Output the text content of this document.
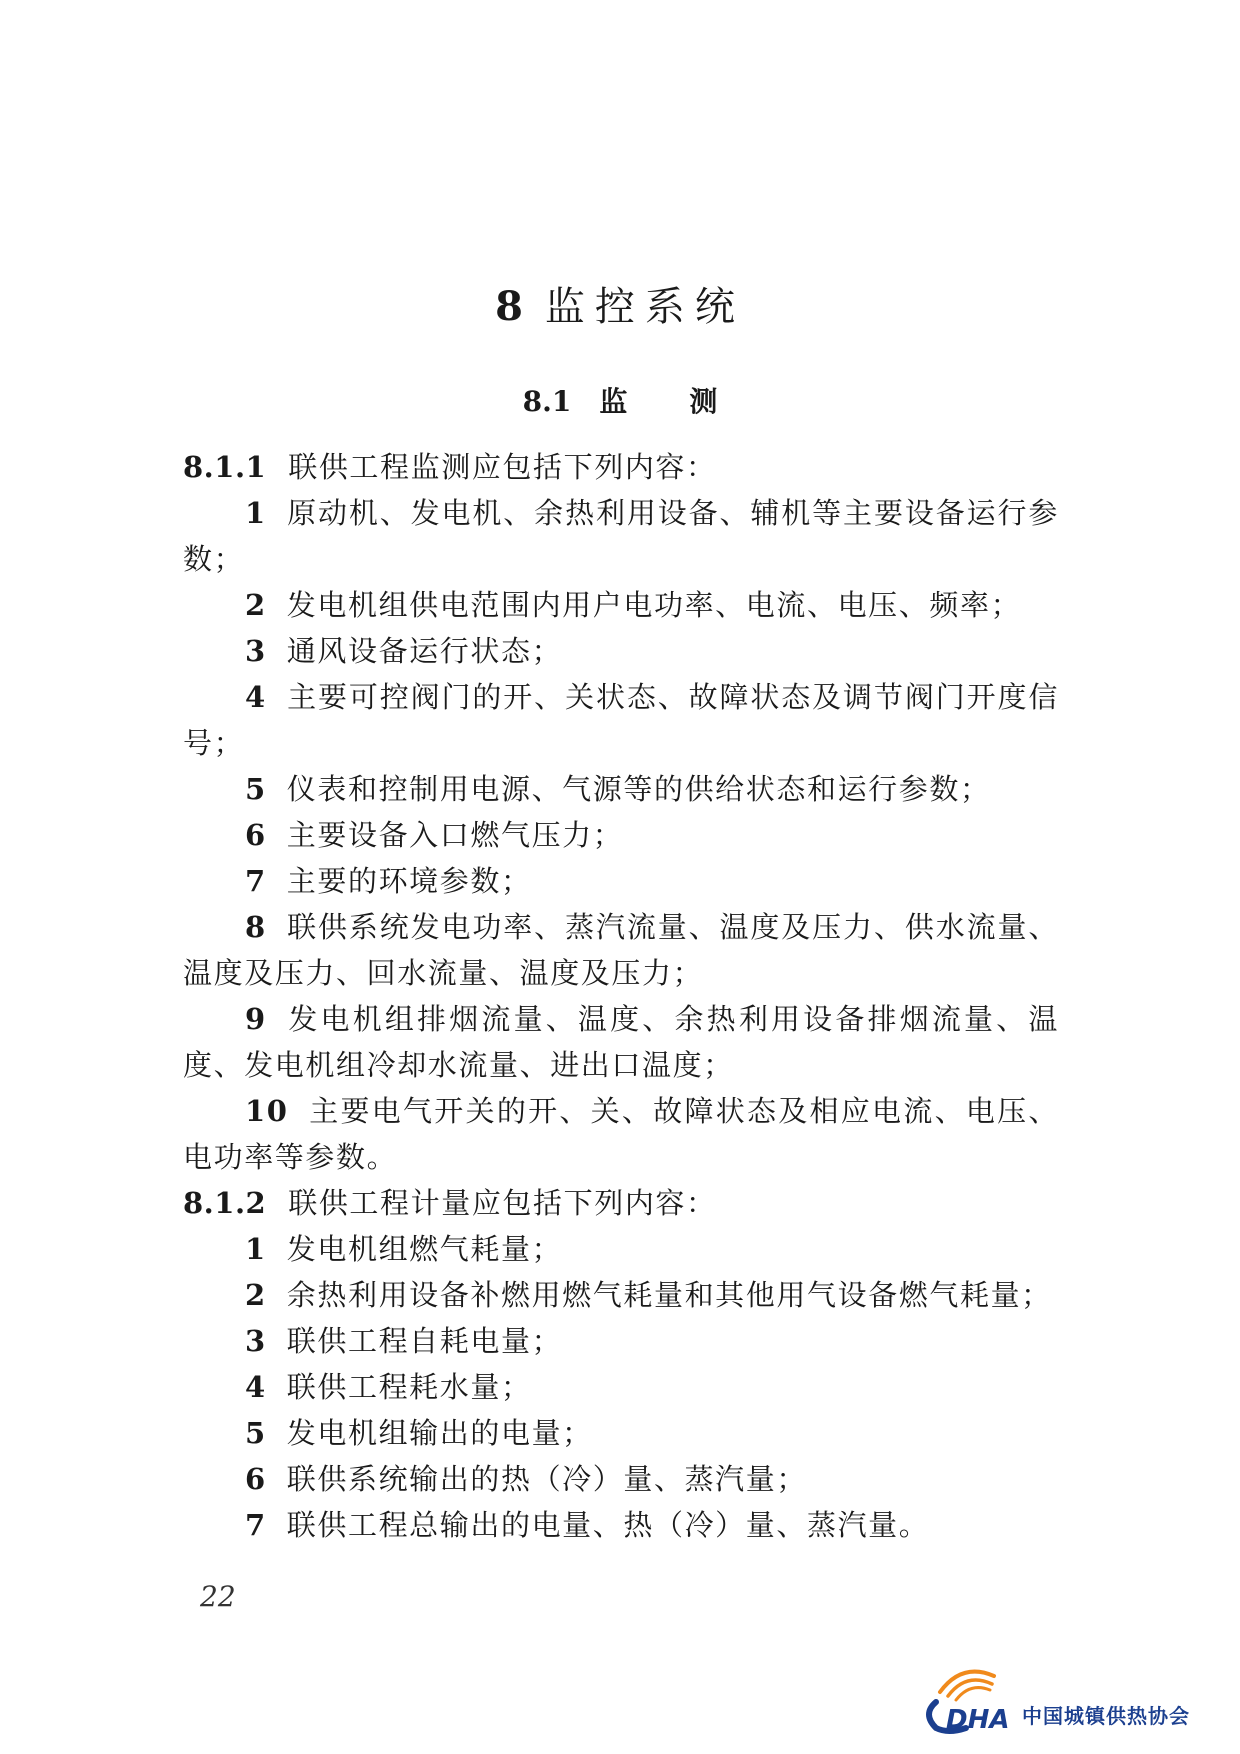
8 监控系统
8.1 监 测

8.1.1 联供工程监测应包括下列内容：

1 原动机、发电机、余热利用设备、辅机等主要设备运行参数；

2 发电机组供电范围内用户电功率、电流、电压、频率；

3 通风设备运行状态；

4 主要可控阀门的开、关状态、故障状态及调节阀门开度信号；

5 仪表和控制用电源、气源等的供给状态和运行参数；

6 主要设备入口燃气压力；

7 主要的环境参数；

8 联供系统发电功率、蒸汽流量、温度及压力、供水流量、温度及压力、回水流量、温度及压力；

9 发电机组排烟流量、温度、余热利用设备排烟流量、温度、发电机组冷却水流量、进出口温度；

10 主要电气开关的开、关、故障状态及相应电流、电压、电功率等参数。

8.1.2 联供工程计量应包括下列内容：

1 发电机组燃气耗量；

2 余热利用设备补燃用燃气耗量和其他用气设备燃气耗量；

3 联供工程自耗电量；

4 联供工程耗水量；

5 发电机组输出的电量；

6 联供系统输出的热（冷）量、蒸汽量；

7 联供工程总输出的电量、热（冷）量、蒸汽量。

22

DHA 中国城镇供热协会
